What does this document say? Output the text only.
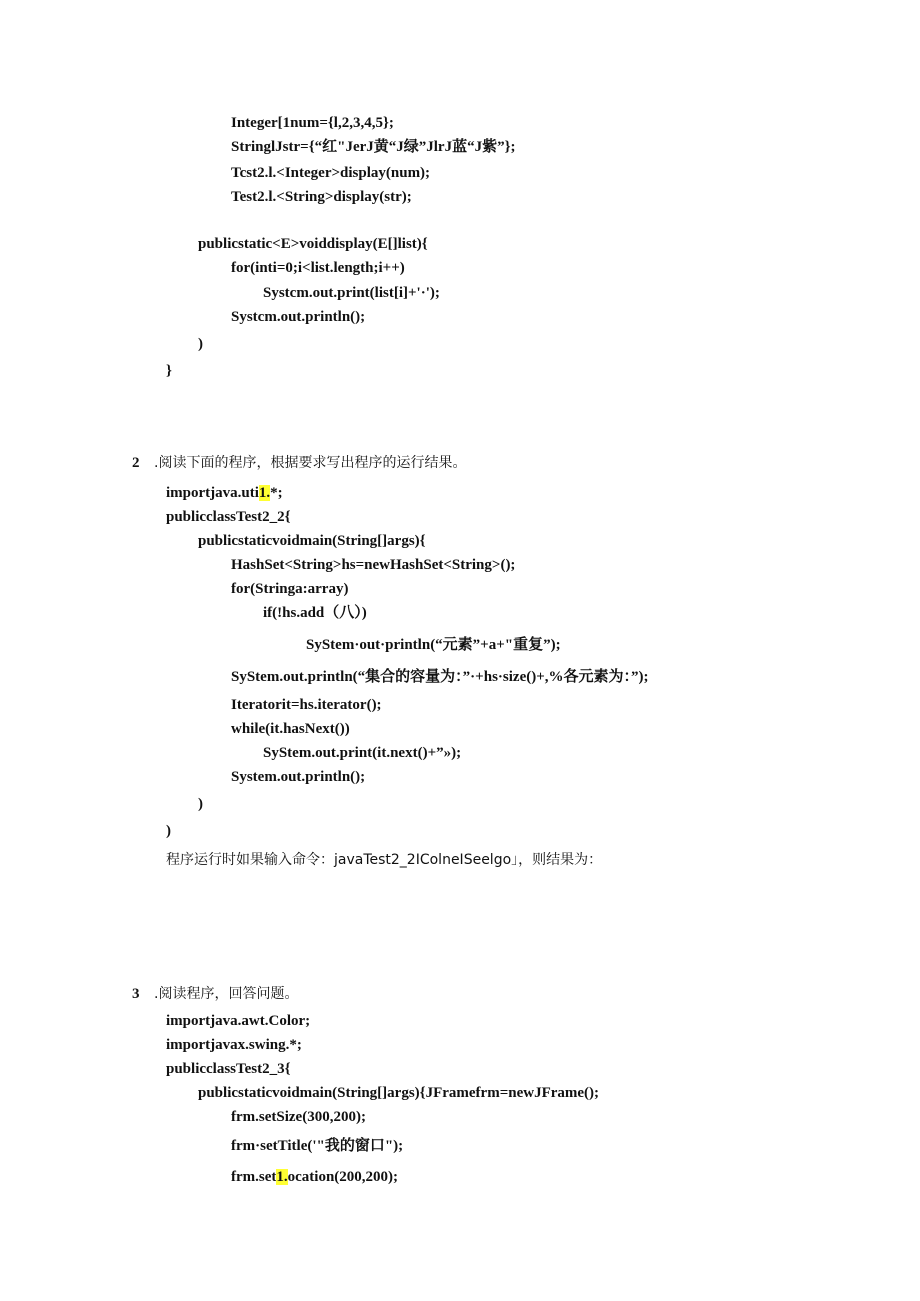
Integer[1num={l,2,3,4,5};
StringlJstr={“红"JerJ黄“J绿”JlrJ蓝“J紫”};
Tcst2.l.<Integer>display(num);
Test2.l.<String>display(str);
publicstatic<E>voiddisplay(E[]list){
for(inti=0;i<list.length;i++)
Systcm.out.print(list[i]+'·');
Systcm.out.println();
)
}
2 .阅读下面的程序，根据要求写出程序的运行结果。
importjava.uti1.*;
publicclassTest2_2{
publicstaticvoidmain(String[]args){
HashSet<String>hs=newHashSet<String>();
for(Stringa:array)
if(!hs.add（八）)
SyStem·out·println(“元素”+a+"重复”);
SyStem.out.println(“集合的容量为：”·+hs·size()+,%各元素为：”);
Iteratorit=hs.iterator();
while(it.hasNext())
SyStem.out.print(it.next()+”»);
System.out.println();
)
)
程序运行时如果输入命令：javaTest2_2IColneISeelgo」，则结果为：
3 .阅读程序，回答问题。
importjava.awt.Color;
importjavax.swing.*;
publicclassTest2_3{
publicstaticvoidmain(String[]args){JFramefrm=newJFrame();
frm.setSize(300,200);
frm·setTitle('"我的窗口");
frm.set1.ocation(200,200);
